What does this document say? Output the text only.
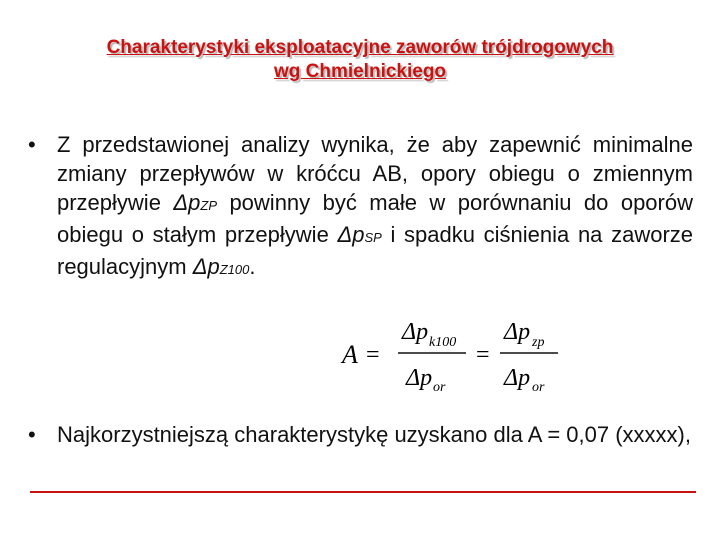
Charakterystyki eksploatacyjne zaworów trójdrogowych
wg Chmielnickiego
• Z przedstawionej analizy wynika, że aby zapewnić minimalne zmiany przepływów w króćcu AB, opory obiegu o zmiennym przepływie ΔpZP powinny być małe w porównaniu do oporów obiegu o stałym przepływie ΔpSP i spadku ciśnienia na zaworze regulacyjnym ΔpZ100.
A =
Δp k100
Δp or
=
Δp zp
Δp or
• Najkorzystniejszą charakterystykę uzyskano dla A = 0,07 (xxxxx),
